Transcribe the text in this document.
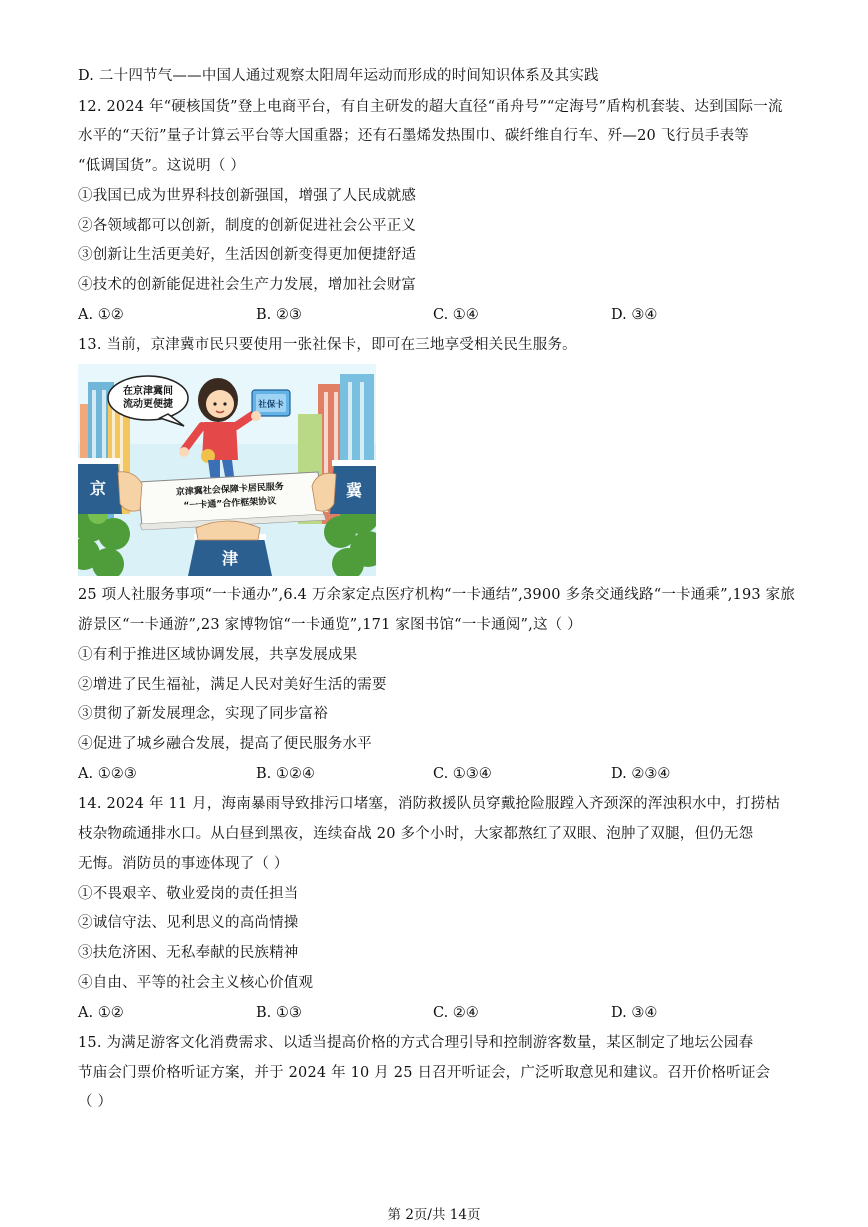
D. 二十四节气——中国人通过观察太阳周年运动而形成的时间知识体系及其实践
12. 2024 年“硬核国货”登上电商平台，有自主研发的超大直径“甬舟号”“定海号”盾构机套装、达到国际一流
水平的“天衍”量子计算云平台等大国重器；还有石墨烯发热围巾、碳纤维自行车、歼—20 飞行员手表等
“低调国货”。这说明（ ）
①我国已成为世界科技创新强国，增强了人民成就感
②各领域都可以创新，制度的创新促进社会公平正义
③创新让生活更美好，生活因创新变得更加便捷舒适
④技术的创新能促进社会生产力发展，增加社会财富
A. ①②	B. ②③	C. ①④	D. ③④
13. 当前，京津冀市民只要使用一张社保卡，即可在三地享受相关民生服务。
在京津冀间
流动更便捷	社保卡
京津冀社会保障卡居民服务
“一卡通”合作框架协议
京	冀
津
25 项人社服务事项“一卡通办”,6.4 万余家定点医疗机构“一卡通结”,3900 多条交通线路“一卡通乘”,193 家旅
游景区“一卡通游”,23 家博物馆“一卡通览”,171 家图书馆“一卡通阅”,这（ ）
①有利于推进区域协调发展，共享发展成果
②增进了民生福祉，满足人民对美好生活的需要
③贯彻了新发展理念，实现了同步富裕
④促进了城乡融合发展，提高了便民服务水平
A. ①②③	B. ①②④	C. ①③④	D. ②③④
14. 2024 年 11 月，海南暴雨导致排污口堵塞，消防救援队员穿戴抢险服蹚入齐颈深的浑浊积水中，打捞枯
枝杂物疏通排水口。从白昼到黑夜，连续奋战 20 多个小时，大家都熬红了双眼、泡肿了双腿，但仍无怨
无悔。消防员的事迹体现了（ ）
①不畏艰辛、敬业爱岗的责任担当
②诚信守法、见利思义的高尚情操
③扶危济困、无私奉献的民族精神
④自由、平等的社会主义核心价值观
A. ①②	B. ①③	C. ②④	D. ③④
15. 为满足游客文化消费需求、以适当提高价格的方式合理引导和控制游客数量，某区制定了地坛公园春
节庙会门票价格听证方案，并于 2024 年 10 月 25 日召开听证会，广泛听取意见和建议。召开价格听证会
（ ）
第 2页/共 14页
